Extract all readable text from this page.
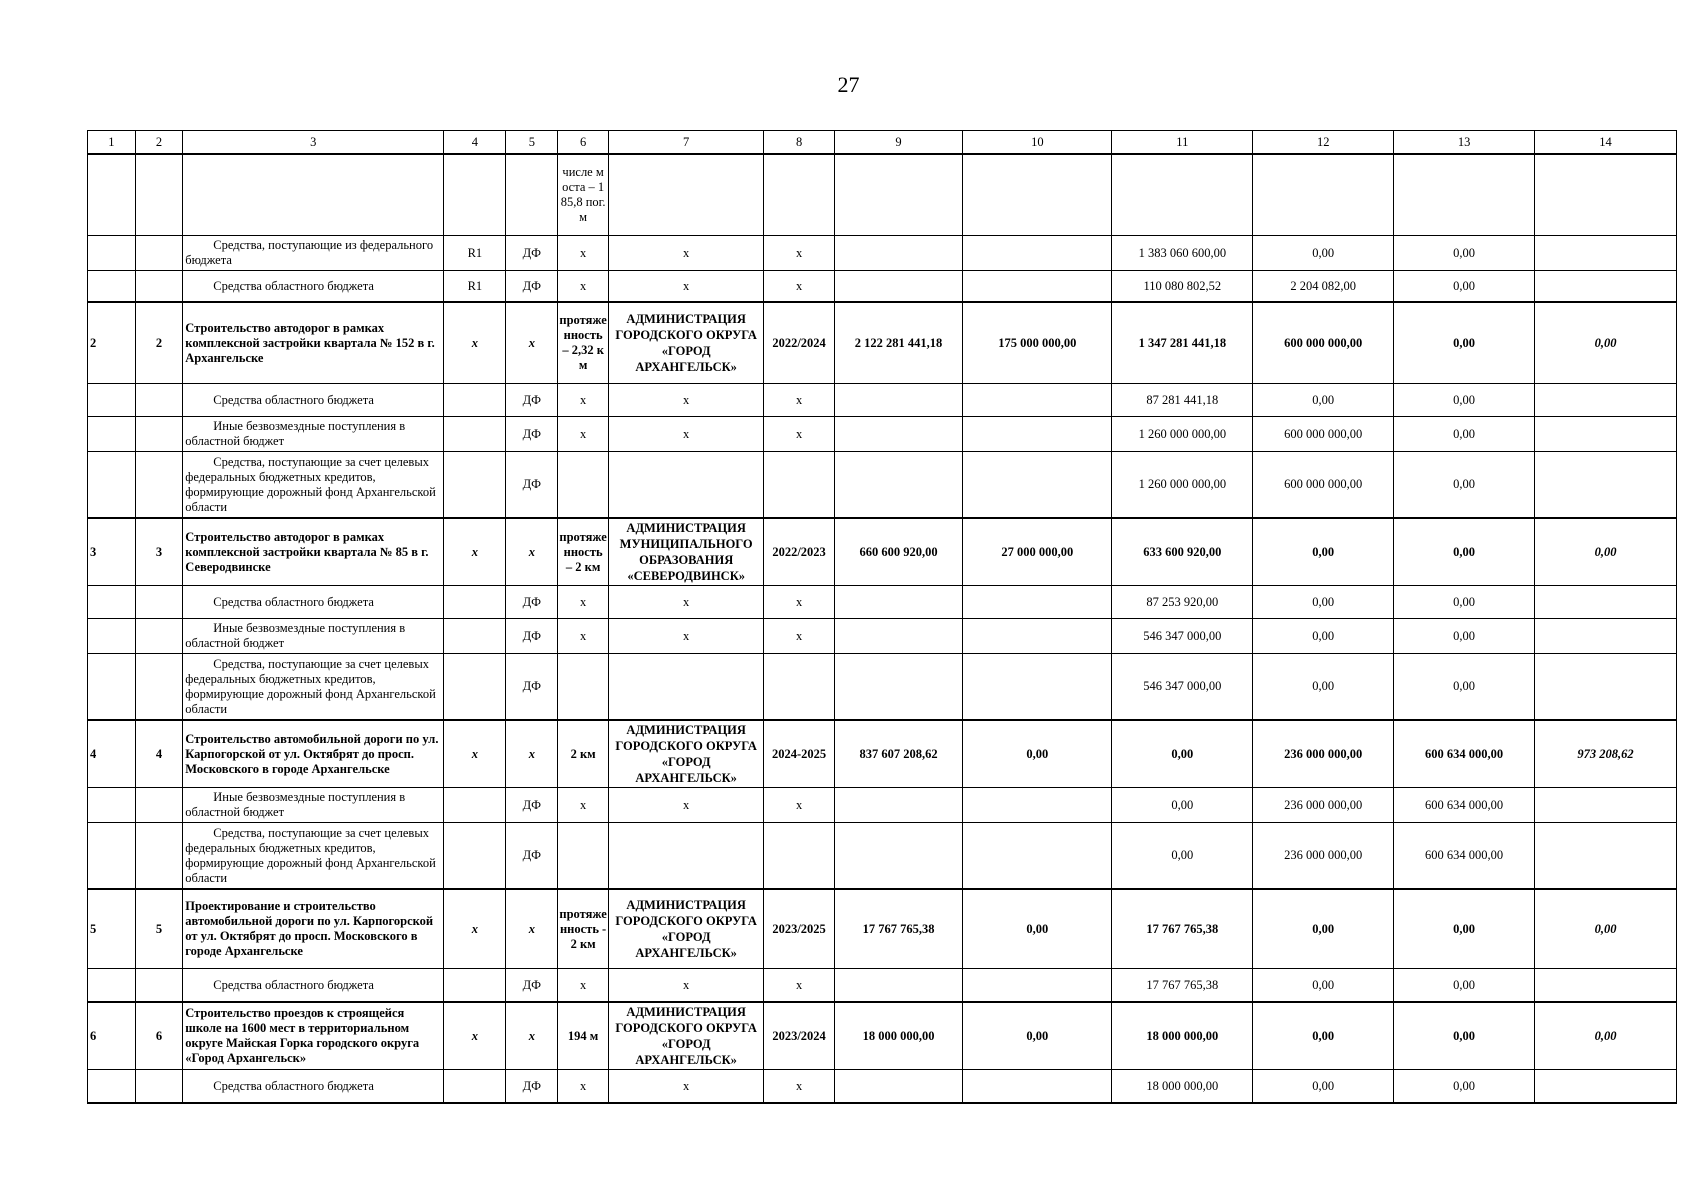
27
1	2	3	4	5	6	7	8	9	10	11	12	13	14
					числе моста – 185,8 пог. м								
		Средства, поступающие из федерального бюджета	R1	ДФ	х	х	х			1 383 060 600,00	0,00	0,00	
		Средства областного бюджета	R1	ДФ	х	х	х			110 080 802,52	2 204 082,00	0,00	
2	2	Строительство автодорог в рамках комплексной застройки квартала № 152 в г. Архангельске	х	х	протяженность – 2,32 км	АДМИНИСТРАЦИЯ ГОРОДСКОГО ОКРУГА «ГОРОД АРХАНГЕЛЬСК»	2022/2024	2 122 281 441,18	175 000 000,00	1 347 281 441,18	600 000 000,00	0,00	0,00
		Средства областного бюджета		ДФ	х	х	х			87 281 441,18	0,00	0,00	
		Иные безвозмездные поступления в областной бюджет		ДФ	х	х	х			1 260 000 000,00	600 000 000,00	0,00	
		Средства, поступающие за счет целевых федеральных бюджетных кредитов, формирующие дорожный фонд Архангельской области		ДФ						1 260 000 000,00	600 000 000,00	0,00	
3	3	Строительство автодорог в рамках комплексной застройки квартала № 85 в г. Северодвинске	х	х	протяженность – 2 км	АДМИНИСТРАЦИЯ МУНИЦИПАЛЬНОГО ОБРАЗОВАНИЯ «СЕВЕРОДВИНСК»	2022/2023	660 600 920,00	27 000 000,00	633 600 920,00	0,00	0,00	0,00
		Средства областного бюджета		ДФ	х	х	х			87 253 920,00	0,00	0,00	
		Иные безвозмездные поступления в областной бюджет		ДФ	х	х	х			546 347 000,00	0,00	0,00	
		Средства, поступающие за счет целевых федеральных бюджетных кредитов, формирующие дорожный фонд Архангельской области		ДФ						546 347 000,00	0,00	0,00	
4	4	Строительство автомобильной дороги по ул. Карпогорской от ул. Октябрят до просп. Московского в городе Архангельске	х	х	2 км	АДМИНИСТРАЦИЯ ГОРОДСКОГО ОКРУГА «ГОРОД АРХАНГЕЛЬСК»	2024-2025	837 607 208,62	0,00	0,00	236 000 000,00	600 634 000,00	973 208,62
		Иные безвозмездные поступления в областной бюджет		ДФ	х	х	х			0,00	236 000 000,00	600 634 000,00	
		Средства, поступающие за счет целевых федеральных бюджетных кредитов, формирующие дорожный фонд Архангельской области		ДФ						0,00	236 000 000,00	600 634 000,00	
5	5	Проектирование и строительство автомобильной дороги по ул. Карпогорской от ул. Октябрят до просп. Московского в городе Архангельске	х	х	протяженность - 2 км	АДМИНИСТРАЦИЯ ГОРОДСКОГО ОКРУГА «ГОРОД АРХАНГЕЛЬСК»	2023/2025	17 767 765,38	0,00	17 767 765,38	0,00	0,00	0,00
		Средства областного бюджета		ДФ	х	х	х			17 767 765,38	0,00	0,00	
6	6	Строительство проездов к строящейся школе на 1600 мест в территориальном округе Майская Горка городского округа «Город Архангельск»	х	х	194 м	АДМИНИСТРАЦИЯ ГОРОДСКОГО ОКРУГА «ГОРОД АРХАНГЕЛЬСК»	2023/2024	18 000 000,00	0,00	18 000 000,00	0,00	0,00	0,00
		Средства областного бюджета		ДФ	х	х	х			18 000 000,00	0,00	0,00	
